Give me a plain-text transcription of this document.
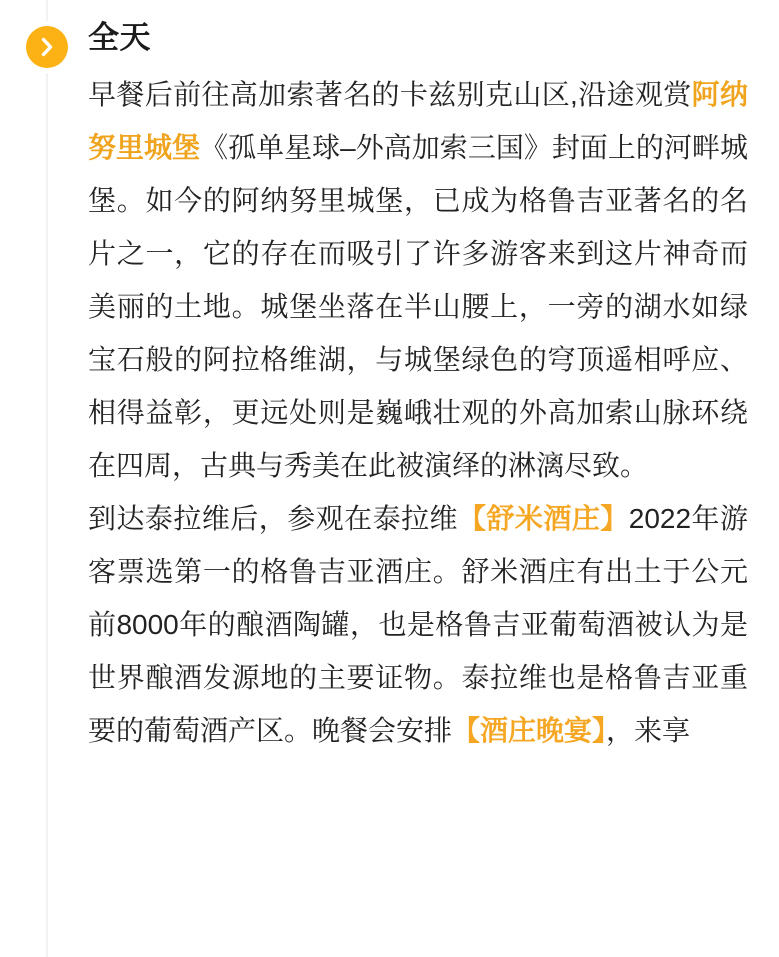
全天

早餐后前往高加索著名的卡兹别克山区,沿途观赏阿纳努里城堡《孤单星球–外高加索三国》封面上的河畔城堡。如今的阿纳努里城堡，已成为格鲁吉亚著名的名片之一，它的存在而吸引了许多游客来到这片神奇而美丽的土地。城堡坐落在半山腰上，一旁的湖水如绿宝石般的阿拉格维湖，与城堡绿色的穹顶遥相呼应、相得益彰，更远处则是巍峨壮观的外高加索山脉环绕在四周，古典与秀美在此被演绎的淋漓尽致。

到达泰拉维后，参观在泰拉维【舒米酒庄】2022年游客票选第一的格鲁吉亚酒庄。舒米酒庄有出土于公元前8000年的酿酒陶罐，也是格鲁吉亚葡萄酒被认为是世界酿酒发源地的主要证物。泰拉维也是格鲁吉亚重要的葡萄酒产区。晚餐会安排【酒庄晚宴】，来享
